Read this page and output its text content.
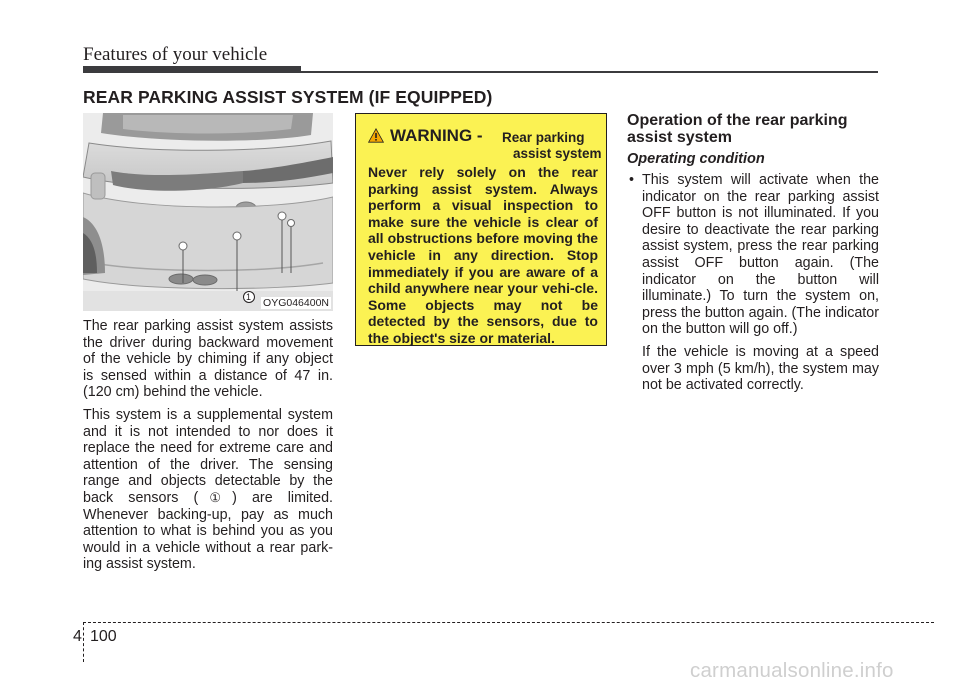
Features of your vehicle
REAR PARKING ASSIST SYSTEM (IF EQUIPPED)
1 OYG046400N

The rear parking assist system assists the driver during backward movement of the vehicle by chiming if any object is sensed within a distance of 47 in. (120 cm) behind the vehicle.

This system is a supplemental system and it is not intended to nor does it replace the need for extreme care and attention of the driver. The sensing range and objects detectable by the back sensors (①) are limited. Whenever backing-up, pay as much attention to what is behind you as you would in a vehicle without a rear park-ing assist system.

WARNING - Rear parking
assist system
Never rely solely on the rear parking assist system. Always perform a visual inspection to make sure the vehicle is clear of all obstructions before moving the vehicle in any direction. Stop immediately if you are aware of a child anywhere near your vehi-cle. Some objects may not be detected by the sensors, due to the object's size or material.
Operation of the rear parking assist system
Operating condition
• This system will activate when the indicator on the rear parking assist OFF button is not illuminated. If you desire to deactivate the rear parking assist system, press the rear parking assist OFF button again. (The indicator on the button will illuminate.) To turn the system on, press the button again. (The indicator on the button will go off.)
If the vehicle is moving at a speed over 3 mph (5 km/h), the system may not be activated correctly.
4 100
carmanualsonline.info
